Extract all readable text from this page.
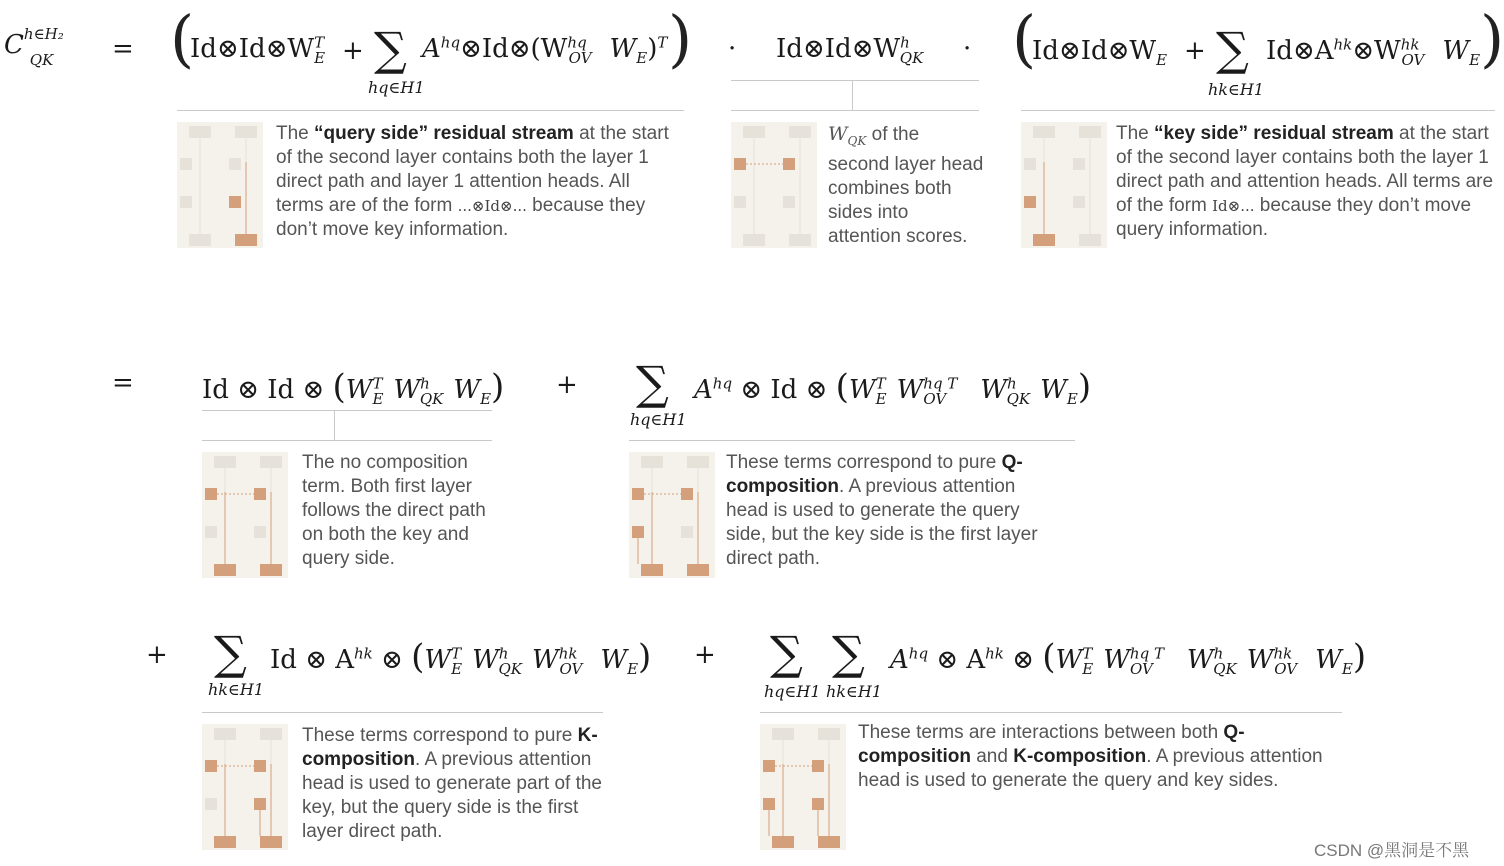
$C^{h\in H_2}_{QK}$	= (
$Id\otimes Id\otimes W^T_E$ + ∑
hq∈H1
$A^{hq}\otimes Id\otimes(W^{hq}_{OV}$ $W_E)^T$ ) · $Id\otimes Id\otimes W^h_{QK}$	· (
$Id\otimes Id\otimes W_E$ + ∑
hk∈H1
$Id\otimes A^{hk}\otimes W^{hk}_{OV}$ $W_E$ )
The “query side” residual stream at the start of the second layer contains both the layer 1 direct path and layer 1 attention heads. All terms are of the form ...⊗Id⊗... because they don’t move key information.
$W_{QK}$ of the second layer head combines both sides into attention scores.
The “key side” residual stream at the start of the second layer contains both the layer 1 direct path and attention heads. All terms are of the form Id⊗... because they don’t move query information.
=	Id ⊗ Id ⊗ ($W^T_E$ $W^h_{QK}$ $W_E$) + ∑
hq∈H1
$A^{hq}$ ⊗ Id ⊗ ($W^T_E$ $W^{hq T}_{OV}$ $W^h_{QK}$ $W_E$)
The no composition term. Both first layer follows the direct path on both the key and query side.
These terms correspond to pure Q-composition. A previous attention head is used to generate the query side, but the key side is the first layer direct path.
+ ∑
hk∈H1
Id ⊗ $A^{hk}$ ⊗ ($W^T_E$ $W^h_{QK}$ $W^{hk}_{OV}$ $W_E$) + ∑
hq∈H1
∑
hk∈H1
$A^{hq}$ ⊗ $A^{hk}$ ⊗ ($W^T_E$ $W^{hq T}_{OV}$ $W^h_{QK}$ $W^{hk}_{OV}$ $W_E$)
These terms correspond to pure K-composition. A previous attention head is used to generate part of the key, but the query side is the first layer direct path.
These terms are interactions between both Q-composition and K-composition. A previous attention head is used to generate the query and key sides.
CSDN @黑洞是不黑
